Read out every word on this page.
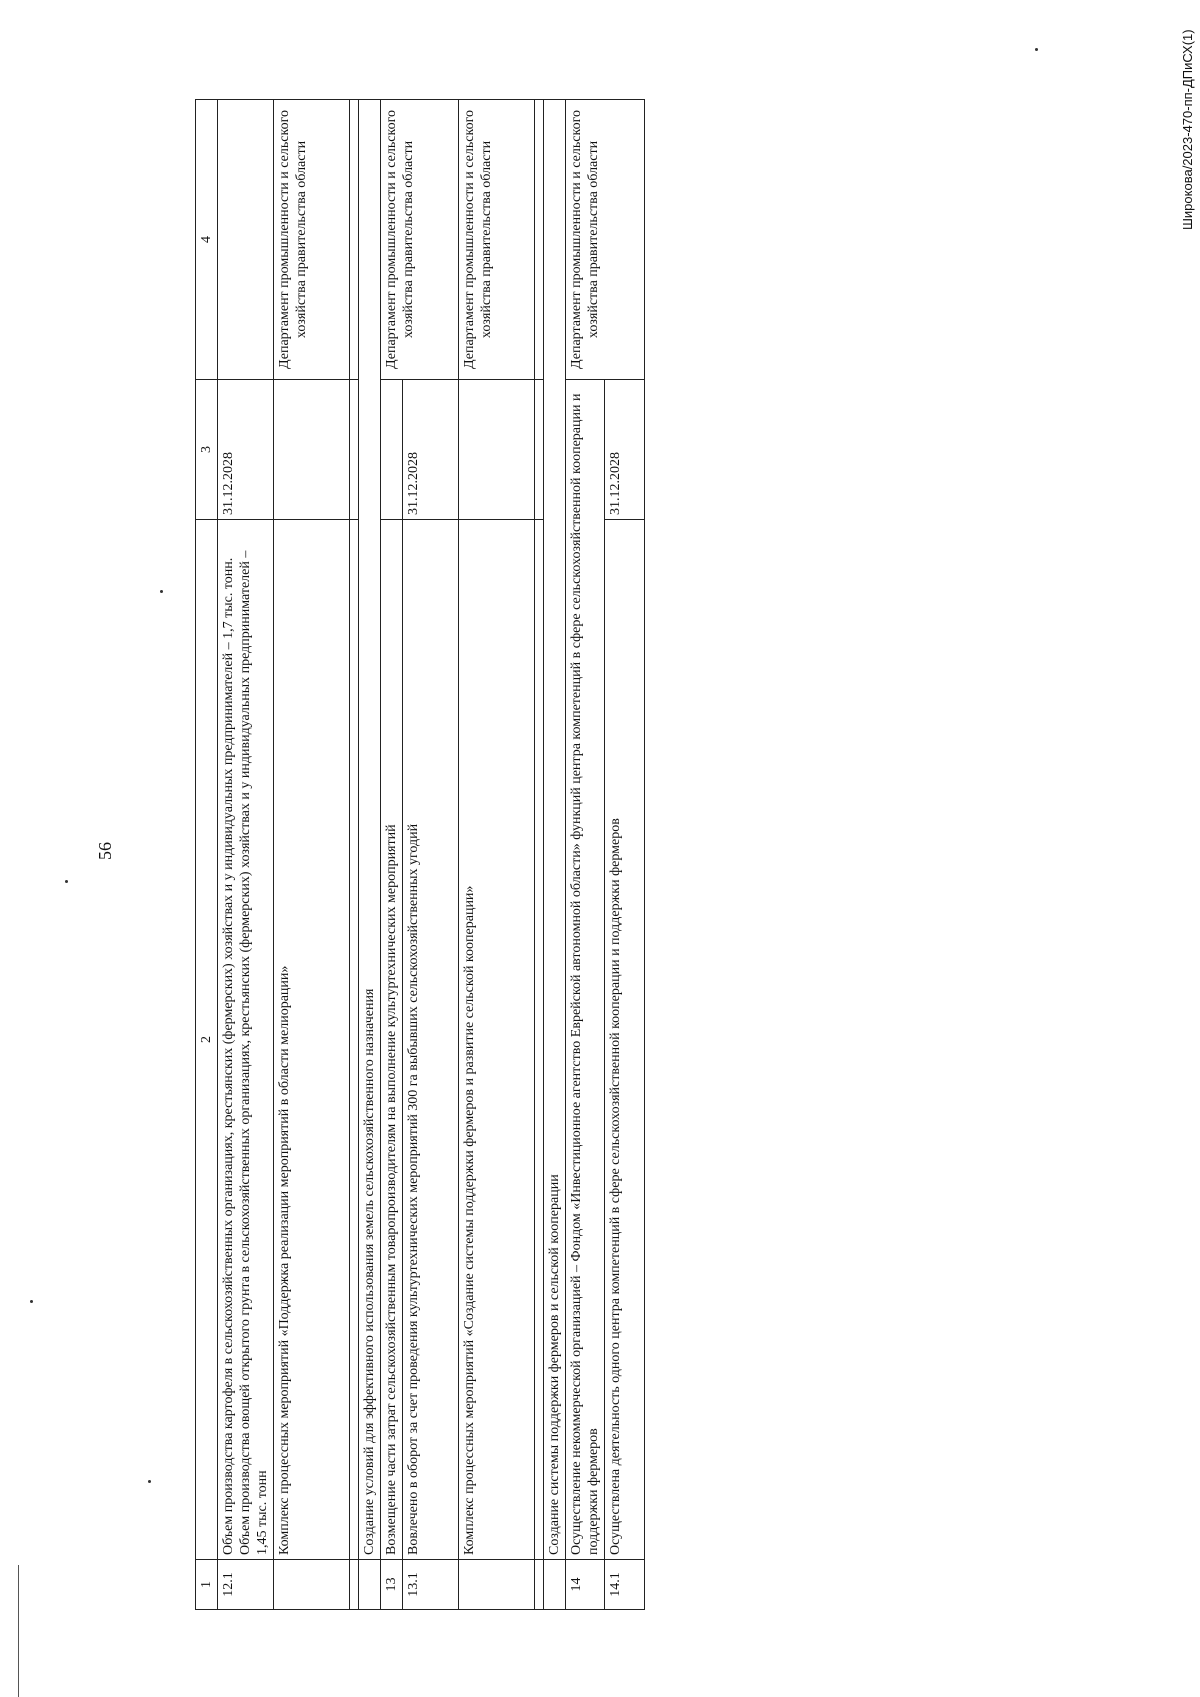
56
Широкова/2023-470-пп-ДПиСХ(1)
1	2	3	4
12.1	Объем производства картофеля в сельскохозяйственных организациях, крестьянских (фермерских) хозяйствах и у индивидуальных предпринимателей – 1,7 тыс. тонн. Объем производства овощей открытого грунта в сельскохозяйственных организациях, крестьянских (фермерских) хозяйствах и у индивидуальных предпринимателей – 1,45 тыс. тонн	31.12.2028	
	Комплекс процессных мероприятий «Поддержка реализации мероприятий в области мелиорации»		Департамент промышленности и сельского хозяйства правительства области

	Создание условий для эффективного использования земель сельскохозяйственного назначения		
13	Возмещение части затрат сельскохозяйственным товаропроизводителям на выполнение культуртехнических мероприятий		Департамент промышленности и сельского хозяйства правительства области
13.1	Вовлечено в оборот за счет проведения культуртехнических мероприятий 300 га выбывших сельскохозяйственных угодий	31.12.2028	
	Комплекс процессных мероприятий «Создание системы поддержки фермеров и развитие сельской кооперации»		Департамент промышленности и сельского хозяйства правительства области

	Создание системы поддержки фермеров и сельской кооперации		
14	Осуществление некоммерческой организацией – Фондом «Инвестиционное агентство Еврейской автономной области» функций центра компетенций в сфере сельскохозяйственной кооперации и поддержки фермеров		Департамент промышленности и сельского хозяйства правительства области
14.1	Осуществлена деятельность одного центра компетенций в сфере сельскохозяйственной кооперации и поддержки фермеров	31.12.2028	
